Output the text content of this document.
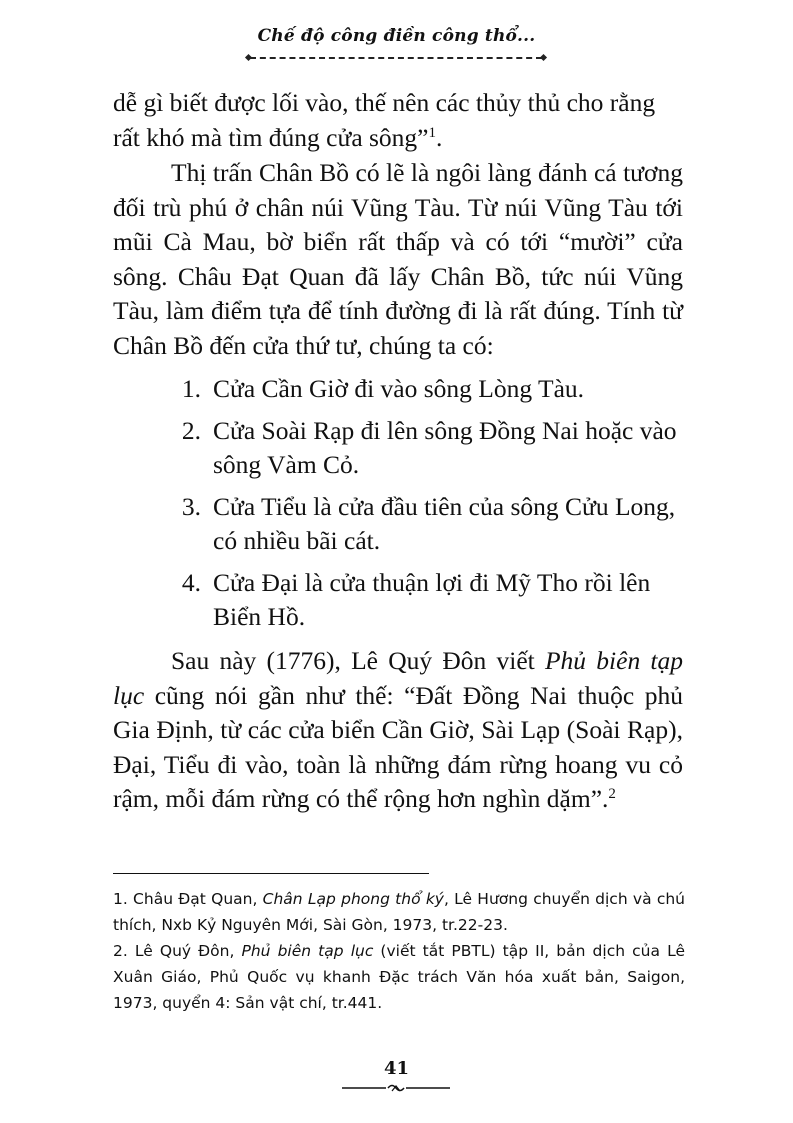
Chế độ công điền công thổ...

dễ gì biết được lối vào, thế nên các thủy thủ cho rằng rất khó mà tìm đúng cửa sông”$^1$.

Thị trấn Chân Bồ có lẽ là ngôi làng đánh cá tương đối trù phú ở chân núi Vũng Tàu. Từ núi Vũng Tàu tới mũi Cà Mau, bờ biển rất thấp và có tới “mười” cửa sông. Châu Đạt Quan đã lấy Chân Bồ, tức núi Vũng Tàu, làm điểm tựa để tính đường đi là rất đúng. Tính từ Chân Bồ đến cửa thứ tư, chúng ta có:

1. Cửa Cần Giờ đi vào sông Lòng Tàu.
2. Cửa Soài Rạp đi lên sông Đồng Nai hoặc vào sông Vàm Cỏ.
3. Cửa Tiểu là cửa đầu tiên của sông Cửu Long, có nhiều bãi cát.
4. Cửa Đại là cửa thuận lợi đi Mỹ Tho rồi lên Biển Hồ.

Sau này (1776), Lê Quý Đôn viết Phủ biên tạp lục cũng nói gần như thế: “Đất Đồng Nai thuộc phủ Gia Định, từ các cửa biển Cần Giờ, Sài Lạp (Soài Rạp), Đại, Tiểu đi vào, toàn là những đám rừng hoang vu cỏ rậm, mỗi đám rừng có thể rộng hơn nghìn dặm”.$^2$

1. Châu Đạt Quan, Chân Lạp phong thổ ký, Lê Hương chuyển dịch và chú thích, Nxb Kỷ Nguyên Mới, Sài Gòn, 1973, tr.22-23.

2. Lê Quý Đôn, Phủ biên tạp lục (viết tắt PBTL) tập II, bản dịch của Lê Xuân Giáo, Phủ Quốc vụ khanh Đặc trách Văn hóa xuất bản, Saigon, 1973, quyển 4: Sản vật chí, tr.441.

41
